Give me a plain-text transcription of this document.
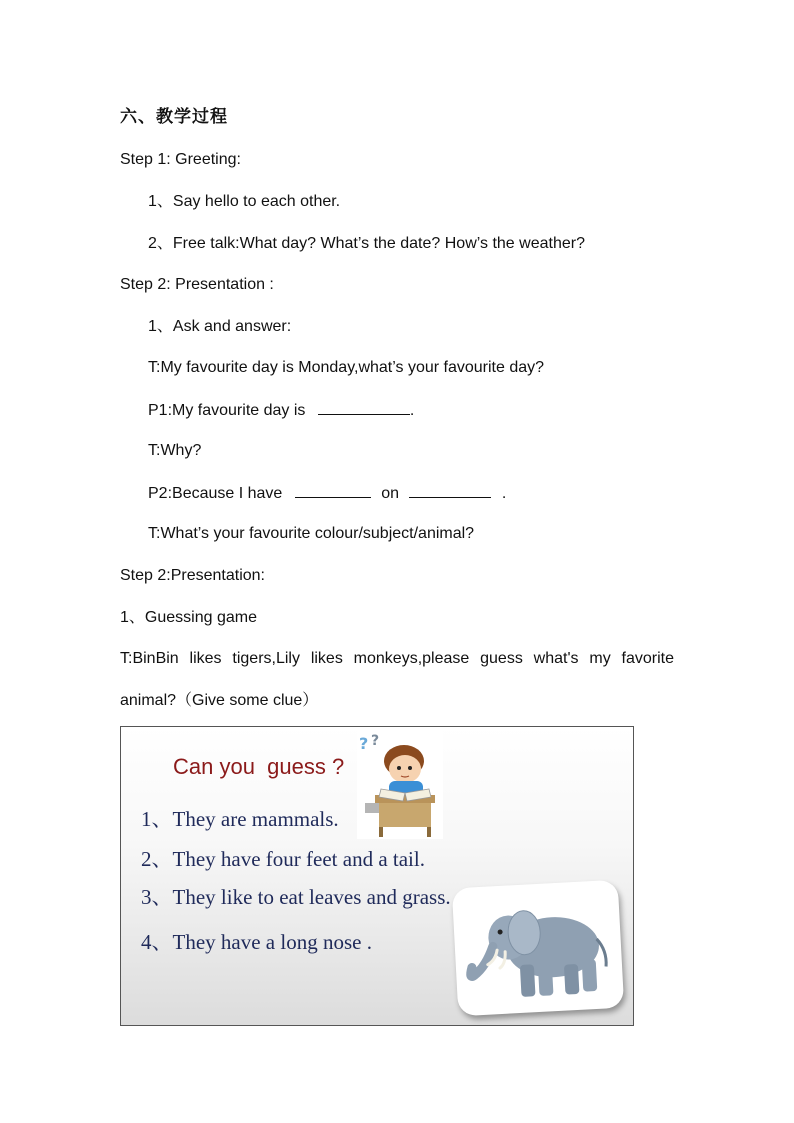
六、教学过程
Step 1: Greeting:
1、Say hello to each other.
2、Free talk:What day? What’s the date? How’s the weather?
Step 2: Presentation :
1、Ask and answer:
T:My favourite day is Monday,what’s your favourite day?
P1:My favourite day is	.
T:Why?
P2:Because I have	on	.
T:What’s your favourite colour/subject/animal?
Step 2:Presentation:
1、Guessing game
T:BinBin likes tigers,Lily likes monkeys,please guess what's my favorite
animal?（Give some clue）
Can you  guess ?
? ?
1、They are mammals.
2、They have four feet and a tail.
3、They like to eat leaves and grass.
4、They have a long nose .
